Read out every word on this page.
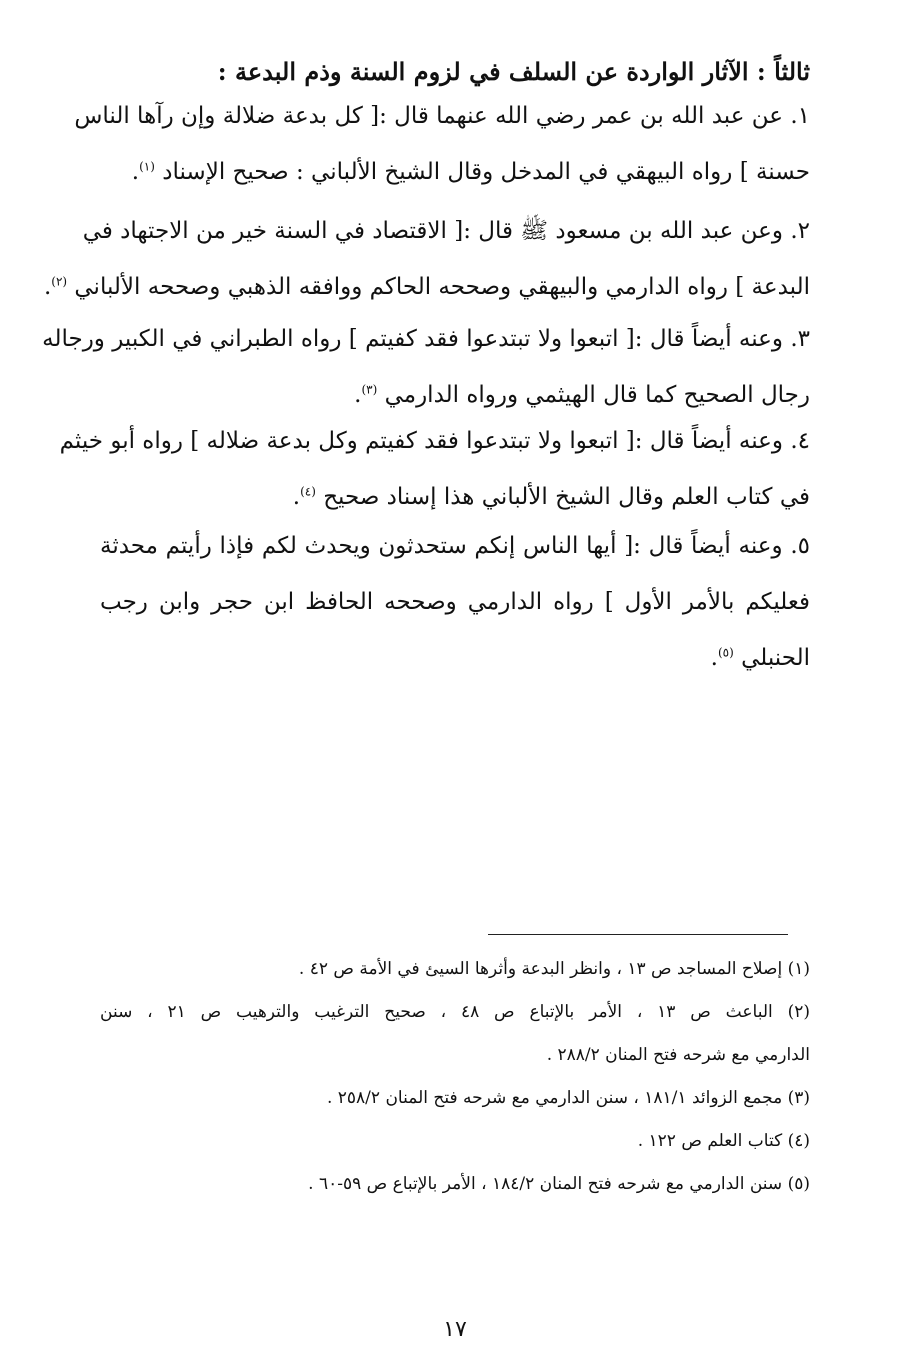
ثالثاً : الآثار الواردة عن السلف في لزوم السنة وذم البدعة :
١. عن عبد الله بن عمر رضي الله عنهما قال :[ كل بدعة ضلالة وإن رآها الناس
حسنة ] رواه البيهقي في المدخل وقال الشيخ الألباني : صحيح الإسناد $^{(١)}$.
٢. وعن عبد الله بن مسعود ﷺ قال :[ الاقتصاد في السنة خير من الاجتهاد في
البدعة ] رواه الدارمي والبيهقي وصححه الحاكم ووافقه الذهبي وصححه الألباني $^{(٢)}$.
٣. وعنه أيضاً قال :[ اتبعوا ولا تبتدعوا فقد كفيتم ] رواه الطبراني في الكبير ورجاله
رجال الصحيح كما قال الهيثمي ورواه الدارمي $^{(٣)}$.
٤. وعنه أيضاً قال :[ اتبعوا ولا تبتدعوا فقد كفيتم وكل بدعة ضلاله ] رواه أبو خيثم
في كتاب العلم وقال الشيخ الألباني هذا إسناد صحيح $^{(٤)}$.
٥. وعنه أيضاً قال :[ أيها الناس إنكم ستحدثون ويحدث لكم فإذا رأيتم محدثة
فعليكم بالأمر الأول ] رواه الدارمي وصححه الحافظ ابن حجر وابن رجب
الحنبلي $^{(٥)}$.
(١) إصلاح المساجد ص ١٣ ، وانظر البدعة وأثرها السيئ في الأمة ص ٤٢ .
(٢) الباعث ص ١٣ ، الأمر بالإتباع ص ٤٨ ، صحيح الترغيب والترهيب ص ٢١ ، سنن
الدارمي مع شرحه فتح المنان ٢٨٨/٢ .
(٣) مجمع الزوائد ١٨١/١ ، سنن الدارمي مع شرحه فتح المنان ٢٥٨/٢ .
(٤) كتاب العلم ص ١٢٢ .
(٥) سنن الدارمي مع شرحه فتح المنان ١٨٤/٢ ، الأمر بالإتباع ص ٥٩-٦٠ .
١٧
